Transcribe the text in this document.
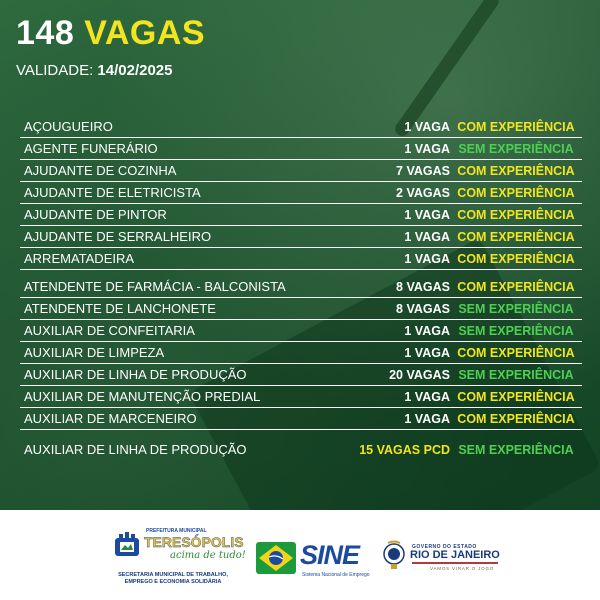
148 VAGAS
VALIDADE: 14/02/2025
AÇOUGUEIRO	1 VAGA COM EXPERIÊNCIA
AGENTE FUNERÁRIO	1 VAGA SEM EXPERIÊNCIA
AJUDANTE DE COZINHA	7 VAGAS COM EXPERIÊNCIA
AJUDANTE DE ELETRICISTA	2 VAGAS COM EXPERIÊNCIA
AJUDANTE DE PINTOR	1 VAGA COM EXPERIÊNCIA
AJUDANTE DE SERRALHEIRO	1 VAGA COM EXPERIÊNCIA
ARREMATADEIRA	1 VAGA COM EXPERIÊNCIA
ATENDENTE DE FARMÁCIA - BALCONISTA	8 VAGAS COM EXPERIÊNCIA
ATENDENTE DE LANCHONETE	8 VAGAS SEM EXPERIÊNCIA
AUXILIAR DE CONFEITARIA	1 VAGA SEM EXPERIÊNCIA
AUXILIAR DE LIMPEZA	1 VAGA COM EXPERIÊNCIA
AUXILIAR DE LINHA DE PRODUÇÃO	20 VAGAS SEM EXPERIÊNCIA
AUXILIAR DE MANUTENÇÃO PREDIAL	1 VAGA COM EXPERIÊNCIA
AUXILIAR DE MARCENEIRO	1 VAGA COM EXPERIÊNCIA
AUXILIAR DE LINHA DE PRODUÇÃO	15 VAGAS PCD SEM EXPERIÊNCIA
PREFEITURA MUNICIPAL
TERESÓPOLIS
acima de tudo!
SECRETARIA MUNICIPAL DE TRABALHO,
EMPREGO E ECONOMIA SOLIDÁRIA
SINE
Sistema Nacional de Emprego
GOVERNO DO ESTADO
RIO DE JANEIRO
VAMOS VIRAR O JOGO
